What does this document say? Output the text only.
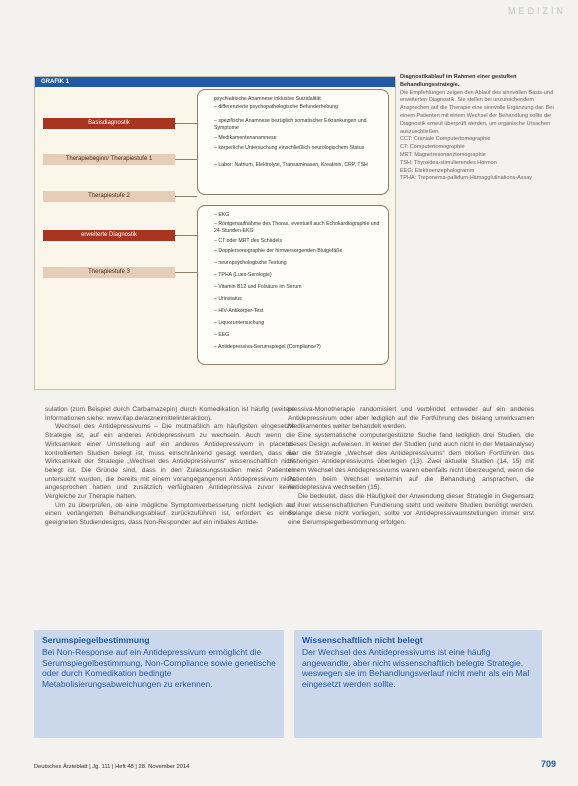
MEDIZIN
GRAFIK 1
Basisdiagnostik
Therapiebeginn/ Therapiestufe 1
Therapiestufe 2
erweiterte Diagnostik
Therapiestufe 3
psychiatrische Anamnese inklusive Suizidalität
– differenzierte psychopathologische Befunderhebung
– spezifische Anamnese bezüglich somatischer Erkrankungen und Symptome
– Medikamentenanamnese
– körperliche Untersuchung einschließlich neurologischem Status
– Labor: Natrium, Elektrolyte, Transaminasen, Kreatinin, CRP, TSH
– EKG
– Röntgenaufnahme des Thorax, eventuell auch Echokardiographie und 24-Stunden-EKG
– CT oder MRT des Schädels
– Dopplersonographie der hirnversorgenden Blutgefäße
– neuropsychologische Testung
– TPHA (Lues-Serologie)
– Vitamin B12 und Folsäure im Serum
– Urinstatus
– HIV-Antikörper-Test
– Liquoruntersuchung
– EEG
– Antidepressiva-Serumspiegel (Compliance?)
Diagnostikablauf im Rahmen einer gestuften Behandlungsstrategie.
Die Empfehlungen zeigen den Ablauf des sinnvollen Basis-und erweiterten Diagnostik. Sie stellen bei unzureichendem Ansprechen auf die Therapie eine sinnvolle Ergänzung dar. Bei einem Patienten mit einem Wechsel der Behandlung sollte die Diagnostik erneut überprüft werden, um organische Ursachen auszuschließen.
CCT: Craniale Computertomographie
CT: Computertomographie
MRT: Magnetresonanztomographie
TSH: Thyroidea-stimulierendes Hormon
EEG: Elektroenzephalogramm
TPHA: Treponema-pallidum-Hämagglutinations-Assay

sulation (zum Beispiel durch Carbamazepin) durch Komedikation ist häufig (weitere Informationen siehe: www.ifap.de/arzneimittelinteraktion).

Wechsel des Antidepressivums – Die mutmaßlich am häufigsten eingesetzte Strategie ist, auf ein anderes Antidepressivum zu wechseln. Auch wenn die Wirksamkeit einer Umstellung auf ein anderes Antidepressivum in placebo-kontrollierten Studien belegt ist, muss einschränkend gesagt werden, dass die Wirksamkeit der Strategie „Wechsel des Antidepressivums“ wissenschaftlich nicht belegt ist. Die Gründe sind, dass in den Zulassungsstudien meist Patienten untersucht wurden, die bereits mit einem vorangegangenen Antidepressivum nicht angesprochen hatten und zusätzlich verfügbaren Antidepressiva zuvor keine Vergleiche zur Therapie hatten.

Um zu überprüfen, ob eine mögliche Symptomverbesserung nicht lediglich auf einen verlängerten Behandlungsablauf zurückzuführen ist, erfordert es eines geeigneten Studiendesigns, dass Non-Responder auf ein initiales Antide-

pressiva-Monotherapie randomisiert und verblindet entweder auf ein anderes Antidepressivum oder aber lediglich auf die Fortführung des bislang unwirksamen Medikamentes weiter behandelt werden.

Eine systematische computergestützte Suche fand lediglich drei Studien, die dieses Design aufweisen. In keiner der Studien (und auch nicht in der Metaanalyse) war die Strategie „Wechsel des Antidepressivums“ dem bloßen Fortführen des bisherigen Antidepressivums überlegen (13). Zwei aktuelle Studien (14, 15) mit einem Wechsel des Antidepressivums waren ebenfalls nicht überzeugend, wenn die Patienten beim Wechsel weiterhin auf die Behandlung ansprachen, die Antidepressiva wechselten (15).

Die bedeutet, dass die Häufigkeit der Anwendung dieser Strategie in Gegensatz zu ihrer wissenschaftlichen Fundierung steht und weitere Studien benötigt werden. Solange diese nicht vorliegen, sollte vor Antidepressivaumstellungen immer erst eine Serumspiegelbestimmung erfolgen.

Serumspiegelbestimmung

Bei Non-Response auf ein Antidepressivum ermöglicht die Serumspiegelbestimmung, Non-Compliance sowie genetische oder durch Komedikation bedingte Metabolisierungsabweichungen zu erkennen.

Wissenschaftlich nicht belegt

Der Wechsel des Antidepressivums ist eine häufig angewandte, aber nicht wissenschaftlich belegte Strategie, weswegen sie im Behandlungsverlauf nicht mehr als ein Mal eingesetzt werden sollte.

Deutsches Ärzteblatt | Jg. 111 | Heft 48 | 28. November 2014	709
